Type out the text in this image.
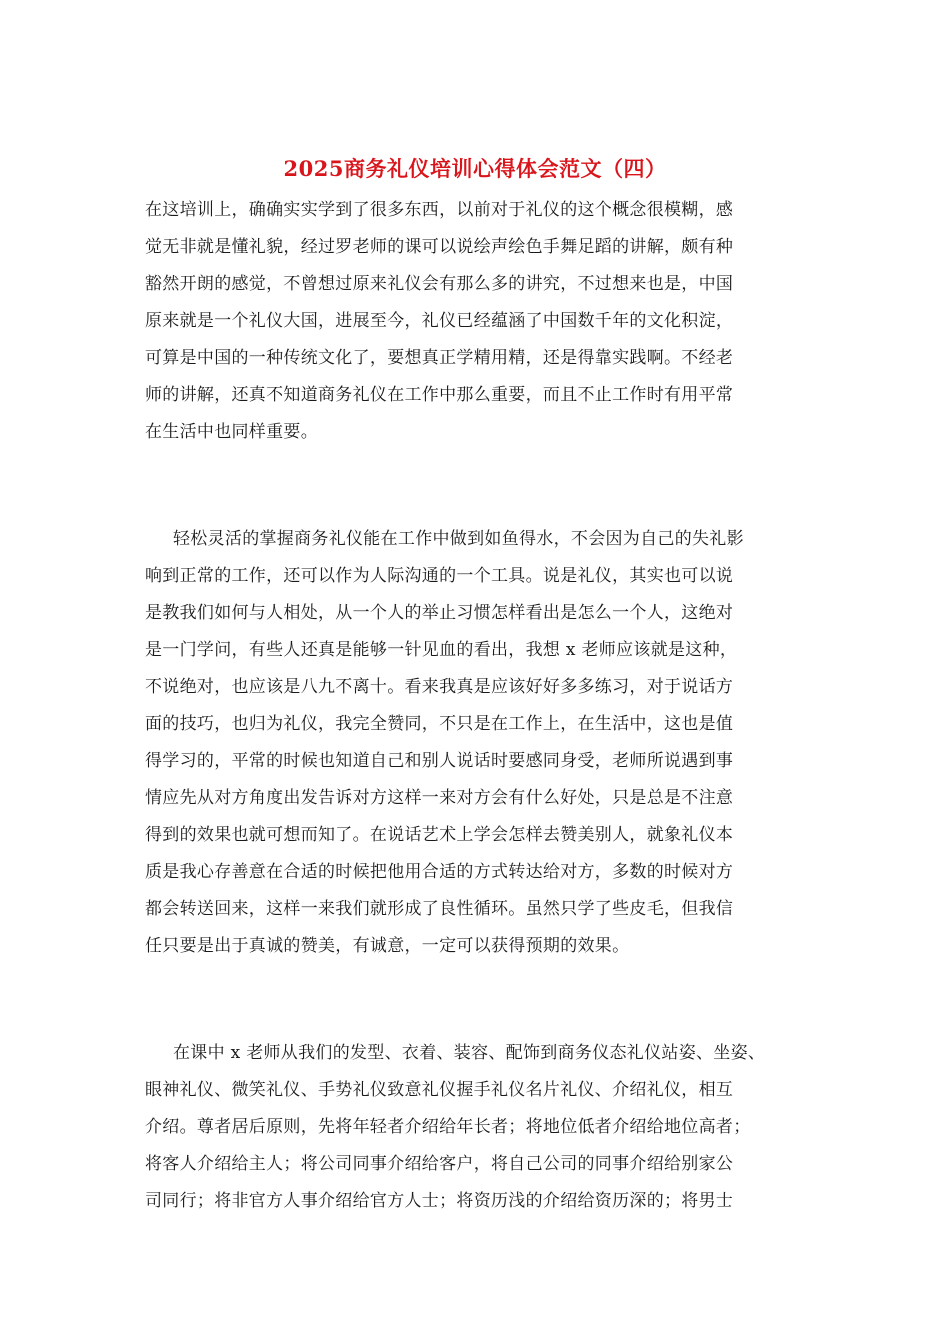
2025商务礼仪培训心得体会范文（四）
在这培训上，确确实实学到了很多东西，以前对于礼仪的这个概念很模糊，感
觉无非就是懂礼貌，经过罗老师的课可以说绘声绘色手舞足蹈的讲解，颇有种
豁然开朗的感觉，不曾想过原来礼仪会有那么多的讲究，不过想来也是，中国
原来就是一个礼仪大国，进展至今，礼仪已经蕴涵了中国数千年的文化积淀，
可算是中国的一种传统文化了，要想真正学精用精，还是得靠实践啊。不经老
师的讲解，还真不知道商务礼仪在工作中那么重要，而且不止工作时有用平常
在生活中也同样重要。
轻松灵活的掌握商务礼仪能在工作中做到如鱼得水，不会因为自己的失礼影
响到正常的工作，还可以作为人际沟通的一个工具。说是礼仪，其实也可以说
是教我们如何与人相处，从一个人的举止习惯怎样看出是怎么一个人，这绝对
是一门学问，有些人还真是能够一针见血的看出，我想 x 老师应该就是这种，
不说绝对，也应该是八九不离十。看来我真是应该好好多多练习，对于说话方
面的技巧，也归为礼仪，我完全赞同，不只是在工作上，在生活中，这也是值
得学习的，平常的时候也知道自己和别人说话时要感同身受，老师所说遇到事
情应先从对方角度出发告诉对方这样一来对方会有什么好处，只是总是不注意
得到的效果也就可想而知了。在说话艺术上学会怎样去赞美别人，就象礼仪本
质是我心存善意在合适的时候把他用合适的方式转达给对方，多数的时候对方
都会转送回来，这样一来我们就形成了良性循环。虽然只学了些皮毛，但我信
任只要是出于真诚的赞美，有诚意，一定可以获得预期的效果。
在课中 x 老师从我们的发型、衣着、装容、配饰到商务仪态礼仪站姿、坐姿、
眼神礼仪、微笑礼仪、手势礼仪致意礼仪握手礼仪名片礼仪、介绍礼仪，相互
介绍。尊者居后原则，先将年轻者介绍给年长者；将地位低者介绍给地位高者；
将客人介绍给主人；将公司同事介绍给客户，将自己公司的同事介绍给别家公
司同行；将非官方人事介绍给官方人士；将资历浅的介绍给资历深的；将男士
